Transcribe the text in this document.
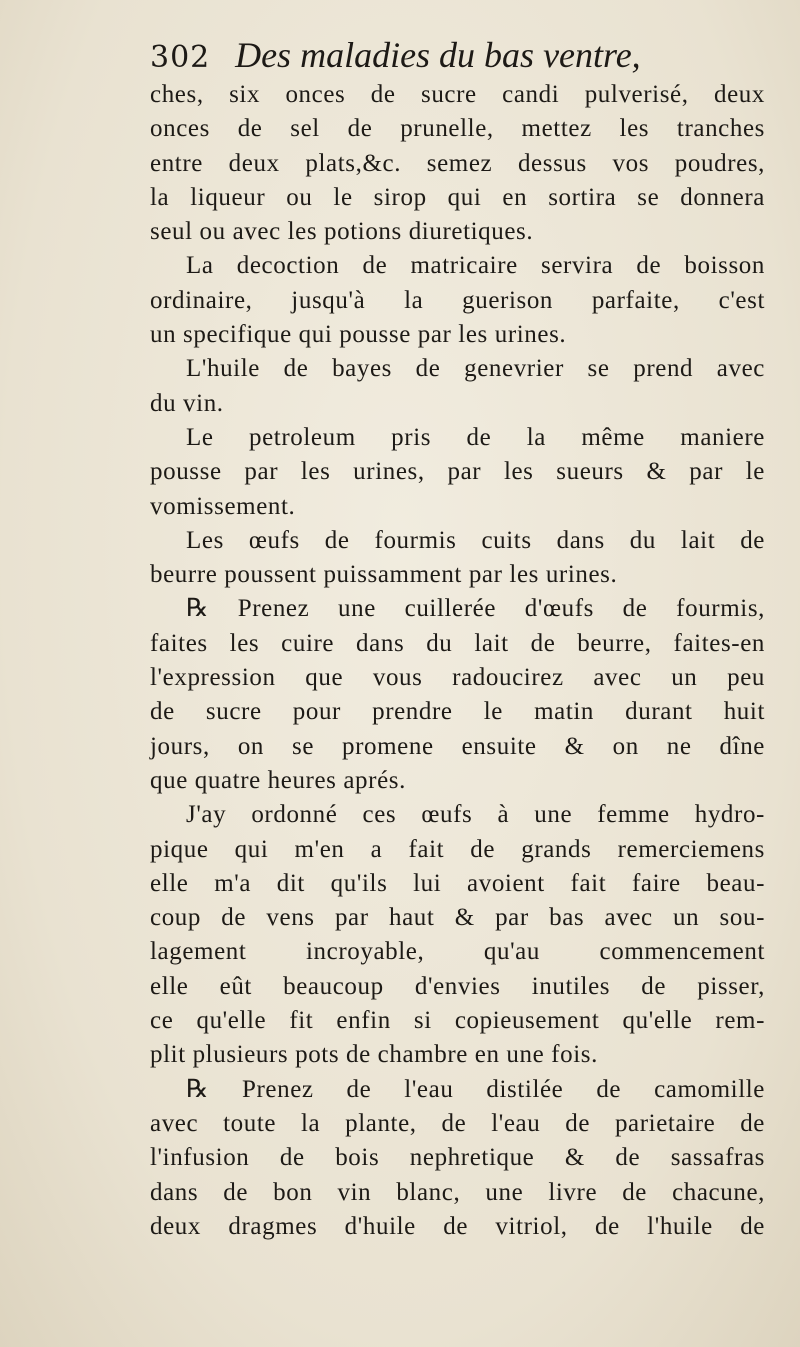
302 Des maladies du bas ventre,
ches, six onces de sucre candi pulverisé, deux
onces de sel de prunelle, mettez les tranches
entre deux plats,&c. semez dessus vos poudres,
la liqueur ou le sirop qui en sortira se donnera
seul ou avec les potions diuretiques.
La decoction de matricaire servira de boisson
ordinaire, jusqu'à la guerison parfaite, c'est
un specifique qui pousse par les urines.
L'huile de bayes de genevrier se prend avec
du vin.
Le petroleum pris de la même maniere
pousse par les urines, par les sueurs & par le
vomissement.
Les œufs de fourmis cuits dans du lait de
beurre poussent puissamment par les urines.
℞ Prenez une cuillerée d'œufs de fourmis,
faites les cuire dans du lait de beurre, faites-en
l'expression que vous radoucirez avec un peu
de sucre pour prendre le matin durant huit
jours, on se promene ensuite & on ne dîne
que quatre heures aprés.
J'ay ordonné ces œufs à une femme hydro-
pique qui m'en a fait de grands remerciemens
elle m'a dit qu'ils lui avoient fait faire beau-
coup de vens par haut & par bas avec un sou-
lagement incroyable, qu'au commencement
elle eût beaucoup d'envies inutiles de pisser,
ce qu'elle fit enfin si copieusement qu'elle rem-
plit plusieurs pots de chambre en une fois.
℞ Prenez de l'eau distilée de camomille
avec toute la plante, de l'eau de parietaire de
l'infusion de bois nephretique & de sassafras
dans de bon vin blanc, une livre de chacune,
deux dragmes d'huile de vitriol, de l'huile de
